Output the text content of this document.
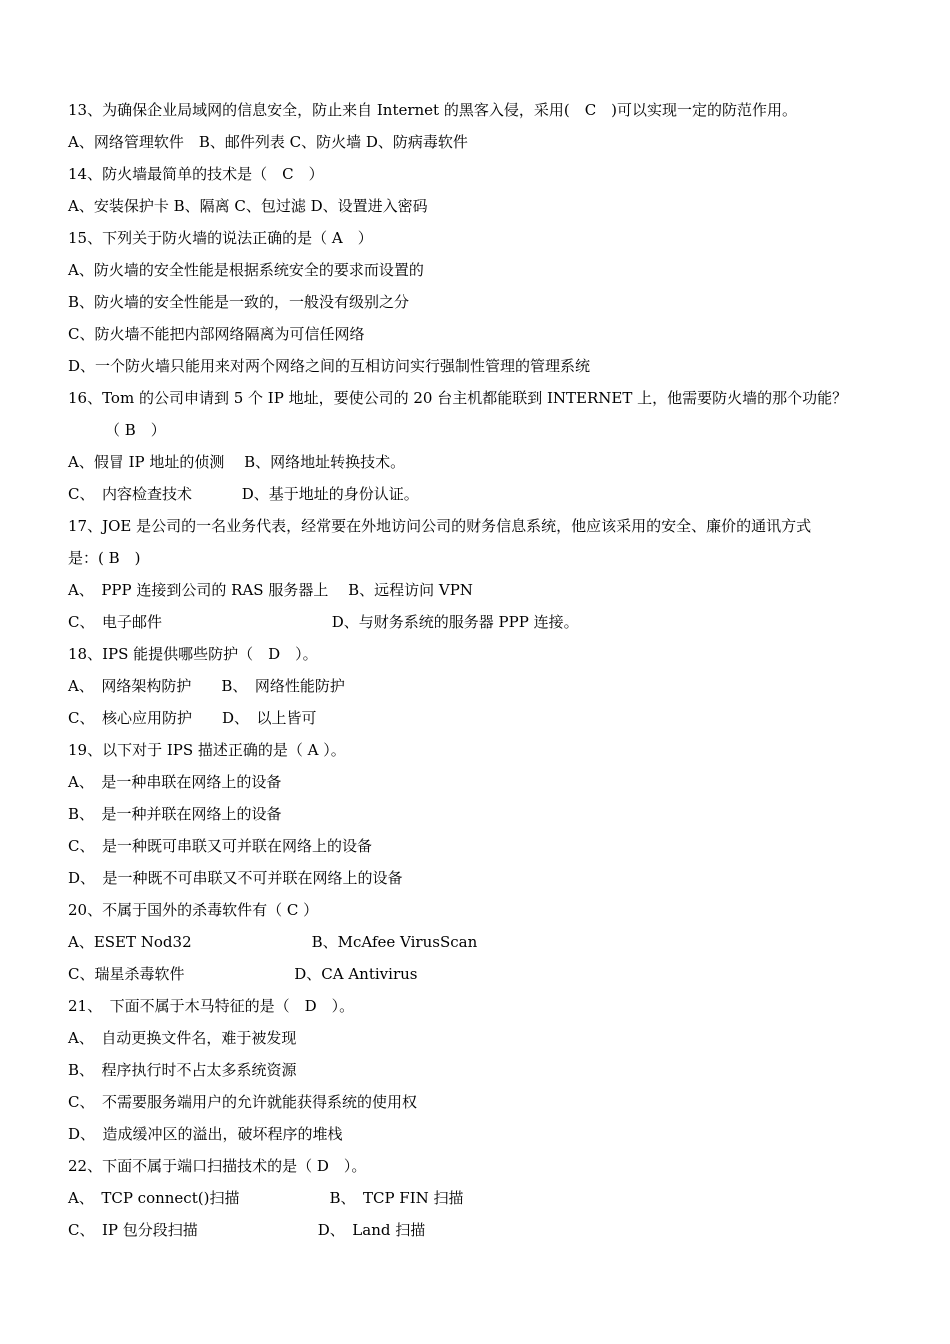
13、为确保企业局域网的信息安全，防止来自 Internet 的黑客入侵，采用(　C　)可以实现一定的防范作用。
A、网络管理软件　B、邮件列表 C、防火墙 D、防病毒软件
14、防火墙最简单的技术是（　C　）
A、安装保护卡 B、隔离 C、包过滤 D、设置进入密码
15、下列关于防火墙的说法正确的是（ A　）
A、防火墙的安全性能是根据系统安全的要求而设置的
B、防火墙的安全性能是一致的，一般没有级别之分
C、防火墙不能把内部网络隔离为可信任网络
D、一个防火墙只能用来对两个网络之间的互相访问实行强制性管理的管理系统
16、Tom 的公司申请到 5 个 IP 地址，要使公司的 20 台主机都能联到 INTERNET 上，他需要防火墙的那个功能？
（ B　）
A、假冒 IP 地址的侦测　 B、网络地址转换技术。
C、　内容检查技术　　　 D、基于地址的身份认证。
17、JOE 是公司的一名业务代表，经常要在外地访问公司的财务信息系统，他应该采用的安全、廉价的通讯方式
是：( B　)
A、　PPP 连接到公司的 RAS 服务器上　 B、远程访问 VPN
C、　电子邮件　　　　　　　　　　　 D、与财务系统的服务器 PPP 连接。
18、IPS 能提供哪些防护（　D　）。
A、　网络架构防护　　B、　网络性能防护
C、　核心应用防护　　D、　以上皆可
19、以下对于 IPS 描述正确的是（ A ）。
A、　是一种串联在网络上的设备
B、　是一种并联在网络上的设备
C、　是一种既可串联又可并联在网络上的设备
D、　是一种既不可串联又不可并联在网络上的设备
20、不属于国外的杀毒软件有（ C ）
A、ESET Nod32　　　　　　　　B、McAfee VirusScan
C、瑞星杀毒软件　　　　　　　 D、CA Antivirus
21、　下面不属于木马特征的是（　D　）。
A、　自动更换文件名，难于被发现
B、　程序执行时不占太多系统资源
C、　不需要服务端用户的允许就能获得系统的使用权
D、　造成缓冲区的溢出，破坏程序的堆栈
22、下面不属于端口扫描技术的是（ D　）。
A、　TCP connect()扫描　　　　　　B、　TCP FIN 扫描
C、　IP 包分段扫描　　　　　　　　D、　Land 扫描
